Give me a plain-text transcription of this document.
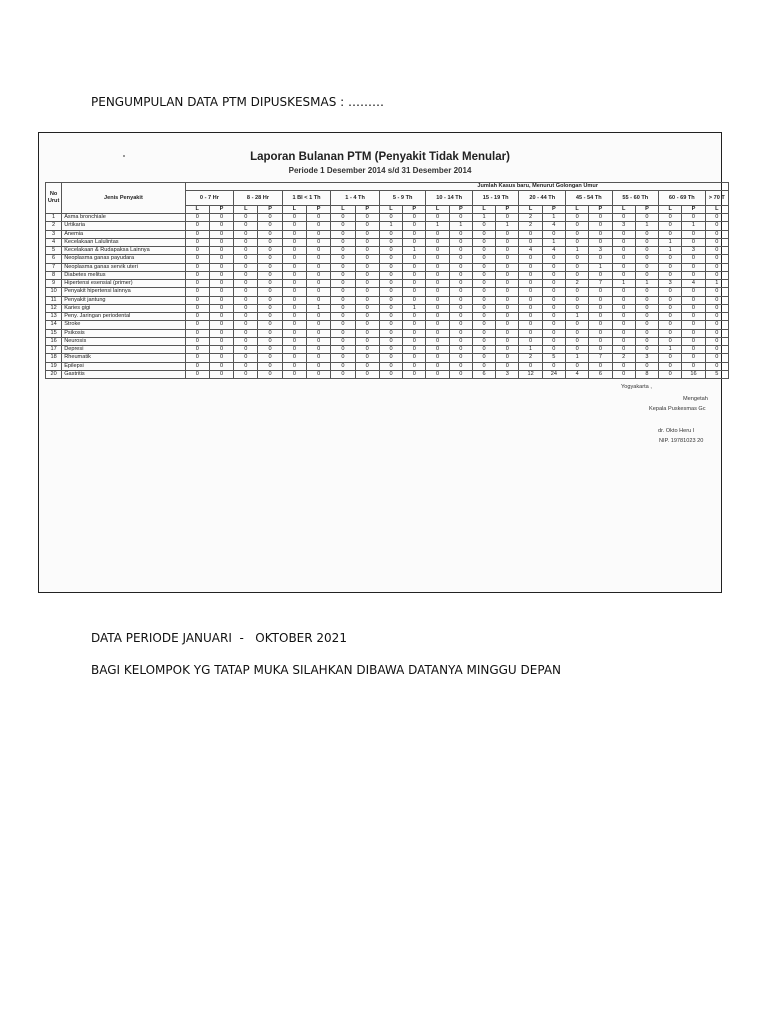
PENGUMPULAN DATA PTM DIPUSKESMAS : ………
Laporan Bulanan PTM (Penyakit Tidak Menular)
Periode 1 Desember 2014 s/d 31 Desember 2014
No Urut	Jenis Penyakit	Jumlah Kasus baru, Menurut Golongan Umur																						
		0 - 7 Hr		8 - 28 Hr		1 Bl < 1 Th		1 - 4 Th		5 - 9 Th		10 - 14 Th		15 - 19 Th		20 - 44 Th		45 - 54 Th		55 - 60 Th		60 - 69 Th		> 70 T
		L	P	L	P	L	P	L	P	L	P	L	P	L	P	L	P	L	P	L	P	L	P	L
1	Asma bronchiale	0	0	0	0	0	0	0	0	0	0	0	0	1	0	2	1	0	0	0	0	0	0	0
2	Urtikaria	0	0	0	0	0	0	0	0	1	0	1	1	0	1	2	4	0	0	3	1	0	1	0
3	Anemia	0	0	0	0	0	0	0	0	0	0	0	0	0	0	0	0	0	0	0	0	0	0	0
4	Kecelakaan Lalulintas	0	0	0	0	0	0	0	0	0	0	0	0	0	0	0	1	0	0	0	0	1	0	0
5	Kecelakaan & Rudapaksa Lainnya	0	0	0	0	0	0	0	0	0	1	0	0	0	0	4	4	1	3	0	0	1	3	0
6	Neoplasma ganas payudara	0	0	0	0	0	0	0	0	0	0	0	0	0	0	0	0	0	0	0	0	0	0	0
7	Neoplasma ganas servik uteri	0	0	0	0	0	0	0	0	0	0	0	0	0	0	0	0	0	1	0	0	0	0	0
8	Diabetes melitus	0	0	0	0	0	0	0	0	0	0	0	0	0	0	0	0	0	0	0	0	0	0	0
9	Hipertensi esensial (primer)	0	0	0	0	0	0	0	0	0	0	0	0	0	0	0	0	2	7	1	1	3	4	1
10	Penyakit hipertensi lainnya	0	0	0	0	0	0	0	0	0	0	0	0	0	0	0	0	0	0	0	0	0	0	0
11	Penyakit jantung	0	0	0	0	0	0	0	0	0	0	0	0	0	0	0	0	0	0	0	0	0	0	0
12	Karies gigi	0	0	0	0	0	1	0	0	0	1	0	0	0	0	0	0	0	0	0	0	0	0	0
13	Peny. Jaringan periodental	0	0	0	0	0	0	0	0	0	0	0	0	0	0	0	0	1	0	0	0	0	0	0
14	Stroke	0	0	0	0	0	0	0	0	0	0	0	0	0	0	0	0	0	0	0	0	0	0	0
15	Psikosis	0	0	0	0	0	0	0	0	0	0	0	0	0	0	0	0	0	0	0	0	0	0	0
16	Neurosis	0	0	0	0	0	0	0	0	0	0	0	0	0	0	0	0	0	0	0	0	0	0	0
17	Depresi	0	0	0	0	0	0	0	0	0	0	0	0	0	0	1	0	0	0	0	0	1	0	0
18	Rheumatik	0	0	0	0	0	0	0	0	0	0	0	0	0	0	2	5	1	7	2	3	0	0	0
19	Epilepsi	0	0	0	0	0	0	0	0	0	0	0	0	0	0	0	0	0	0	0	0	0	0	0
20	Gastritis	0	0	0	0	0	0	0	0	0	0	0	0	6	3	12	24	4	6	0	8	0	16	5
Yogyakarta ,
Mengetah
Kepala Puskesmas Gc
dr. Okto Heru I
NIP. 19781023 20
DATA PERIODE JANUARI  -   OKTOBER 2021
BAGI KELOMPOK YG TATAP MUKA SILAHKAN DIBAWA DATANYA MINGGU DEPAN
